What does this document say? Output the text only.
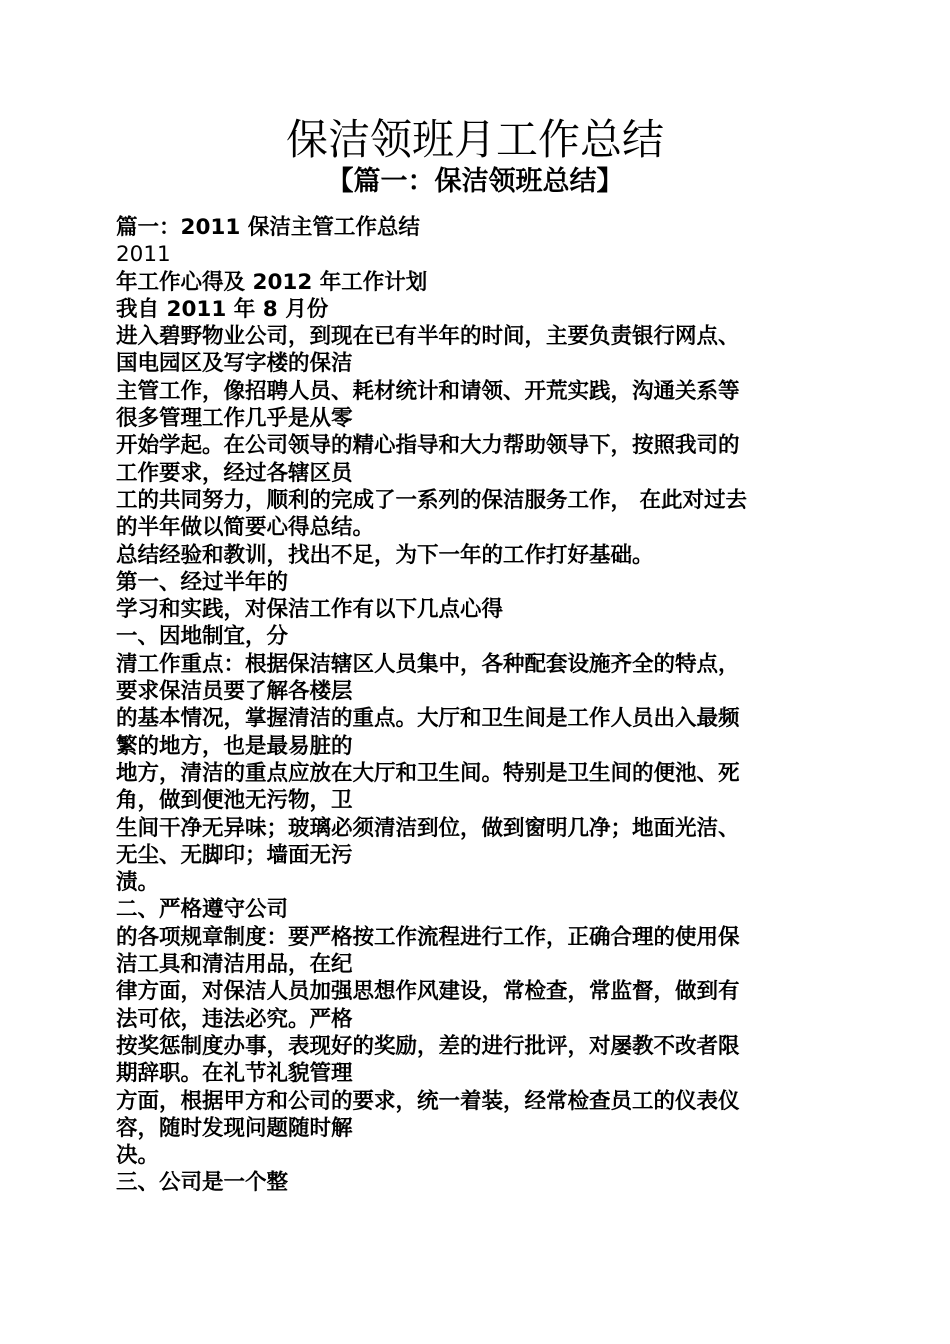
保洁领班月工作总结
【篇一：保洁领班总结】
篇一：2011 保洁主管工作总结
2011
年工作心得及 2012 年工作计划
我自 2011 年 8 月份
进入碧野物业公司，到现在已有半年的时间，主要负责银行网点、
国电园区及写字楼的保洁
主管工作，像招聘人员、耗材统计和请领、开荒实践，沟通关系等
很多管理工作几乎是从零
开始学起。在公司领导的精心指导和大力帮助领导下，按照我司的
工作要求，经过各辖区员
工的共同努力，顺利的完成了一系列的保洁服务工作， 在此对过去
的半年做以简要心得总结。
总结经验和教训，找出不足，为下一年的工作打好基础。
第一、经过半年的
学习和实践，对保洁工作有以下几点心得
一、因地制宜，分
清工作重点：根据保洁辖区人员集中，各种配套设施齐全的特点，
要求保洁员要了解各楼层
的基本情况，掌握清洁的重点。大厅和卫生间是工作人员出入最频
繁的地方，也是最易脏的
地方，清洁的重点应放在大厅和卫生间。特别是卫生间的便池、死
角，做到便池无污物，卫
生间干净无异味；玻璃必须清洁到位，做到窗明几净；地面光洁、
无尘、无脚印；墙面无污
渍。
二、严格遵守公司
的各项规章制度：要严格按工作流程进行工作，正确合理的使用保
洁工具和清洁用品，在纪
律方面，对保洁人员加强思想作风建设，常检查，常监督，做到有
法可依，违法必究。严格
按奖惩制度办事，表现好的奖励，差的进行批评，对屡教不改者限
期辞职。在礼节礼貌管理
方面，根据甲方和公司的要求，统一着装，经常检查员工的仪表仪
容，随时发现问题随时解
决。
三、公司是一个整
